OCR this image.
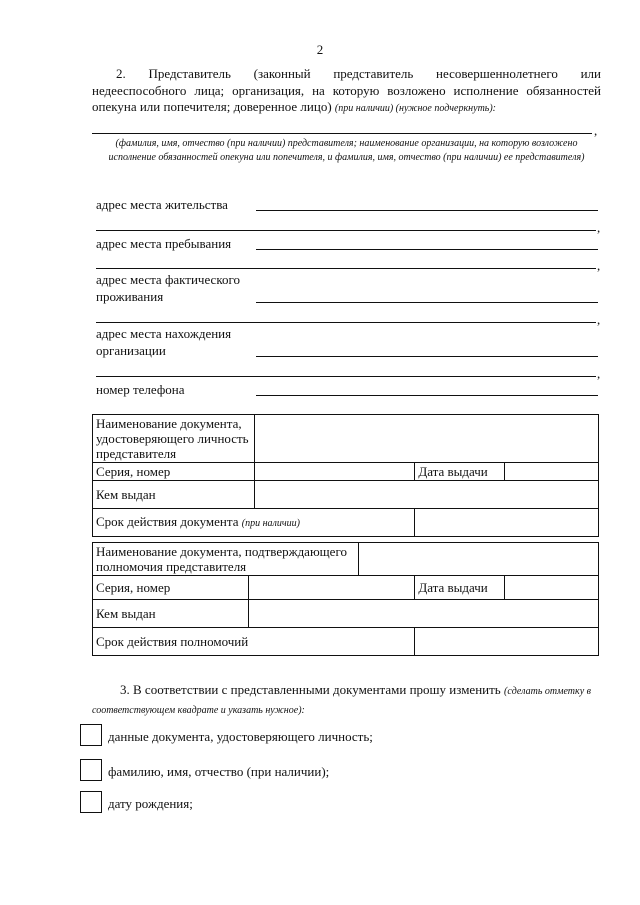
2
2. Представитель (законный представитель несовершеннолетнего или недееспособного лица; организация, на которую возложено исполнение обязанностей опекуна или попечителя; доверенное лицо) (при наличии) (нужное подчеркнуть):
,
(фамилия, имя, отчество (при наличии) представителя; наименование организации, на которую возложено исполнение обязанностей опекуна или попечителя, и фамилия, имя, отчество (при наличии) ее представителя)
адрес места жительства
,
адрес места пребывания
,
адрес места фактического
проживания
,
адрес места нахождения
организации
,
номер телефона
Наименование документа, удостоверяющего личность представителя			
Серия, номер		Дата выдачи	
Кем выдан			
Срок действия документа (при наличии)			
Наименование документа, подтверждающего полномочия представителя				
Серия, номер			Дата выдачи	
Кем выдан				
Срок действия полномочий				
3. В соответствии с представленными документами прошу изменить (сделать отметку в соответствующем квадрате и указать нужное):
данные документа, удостоверяющего личность;
фамилию, имя, отчество (при наличии);
дату рождения;
